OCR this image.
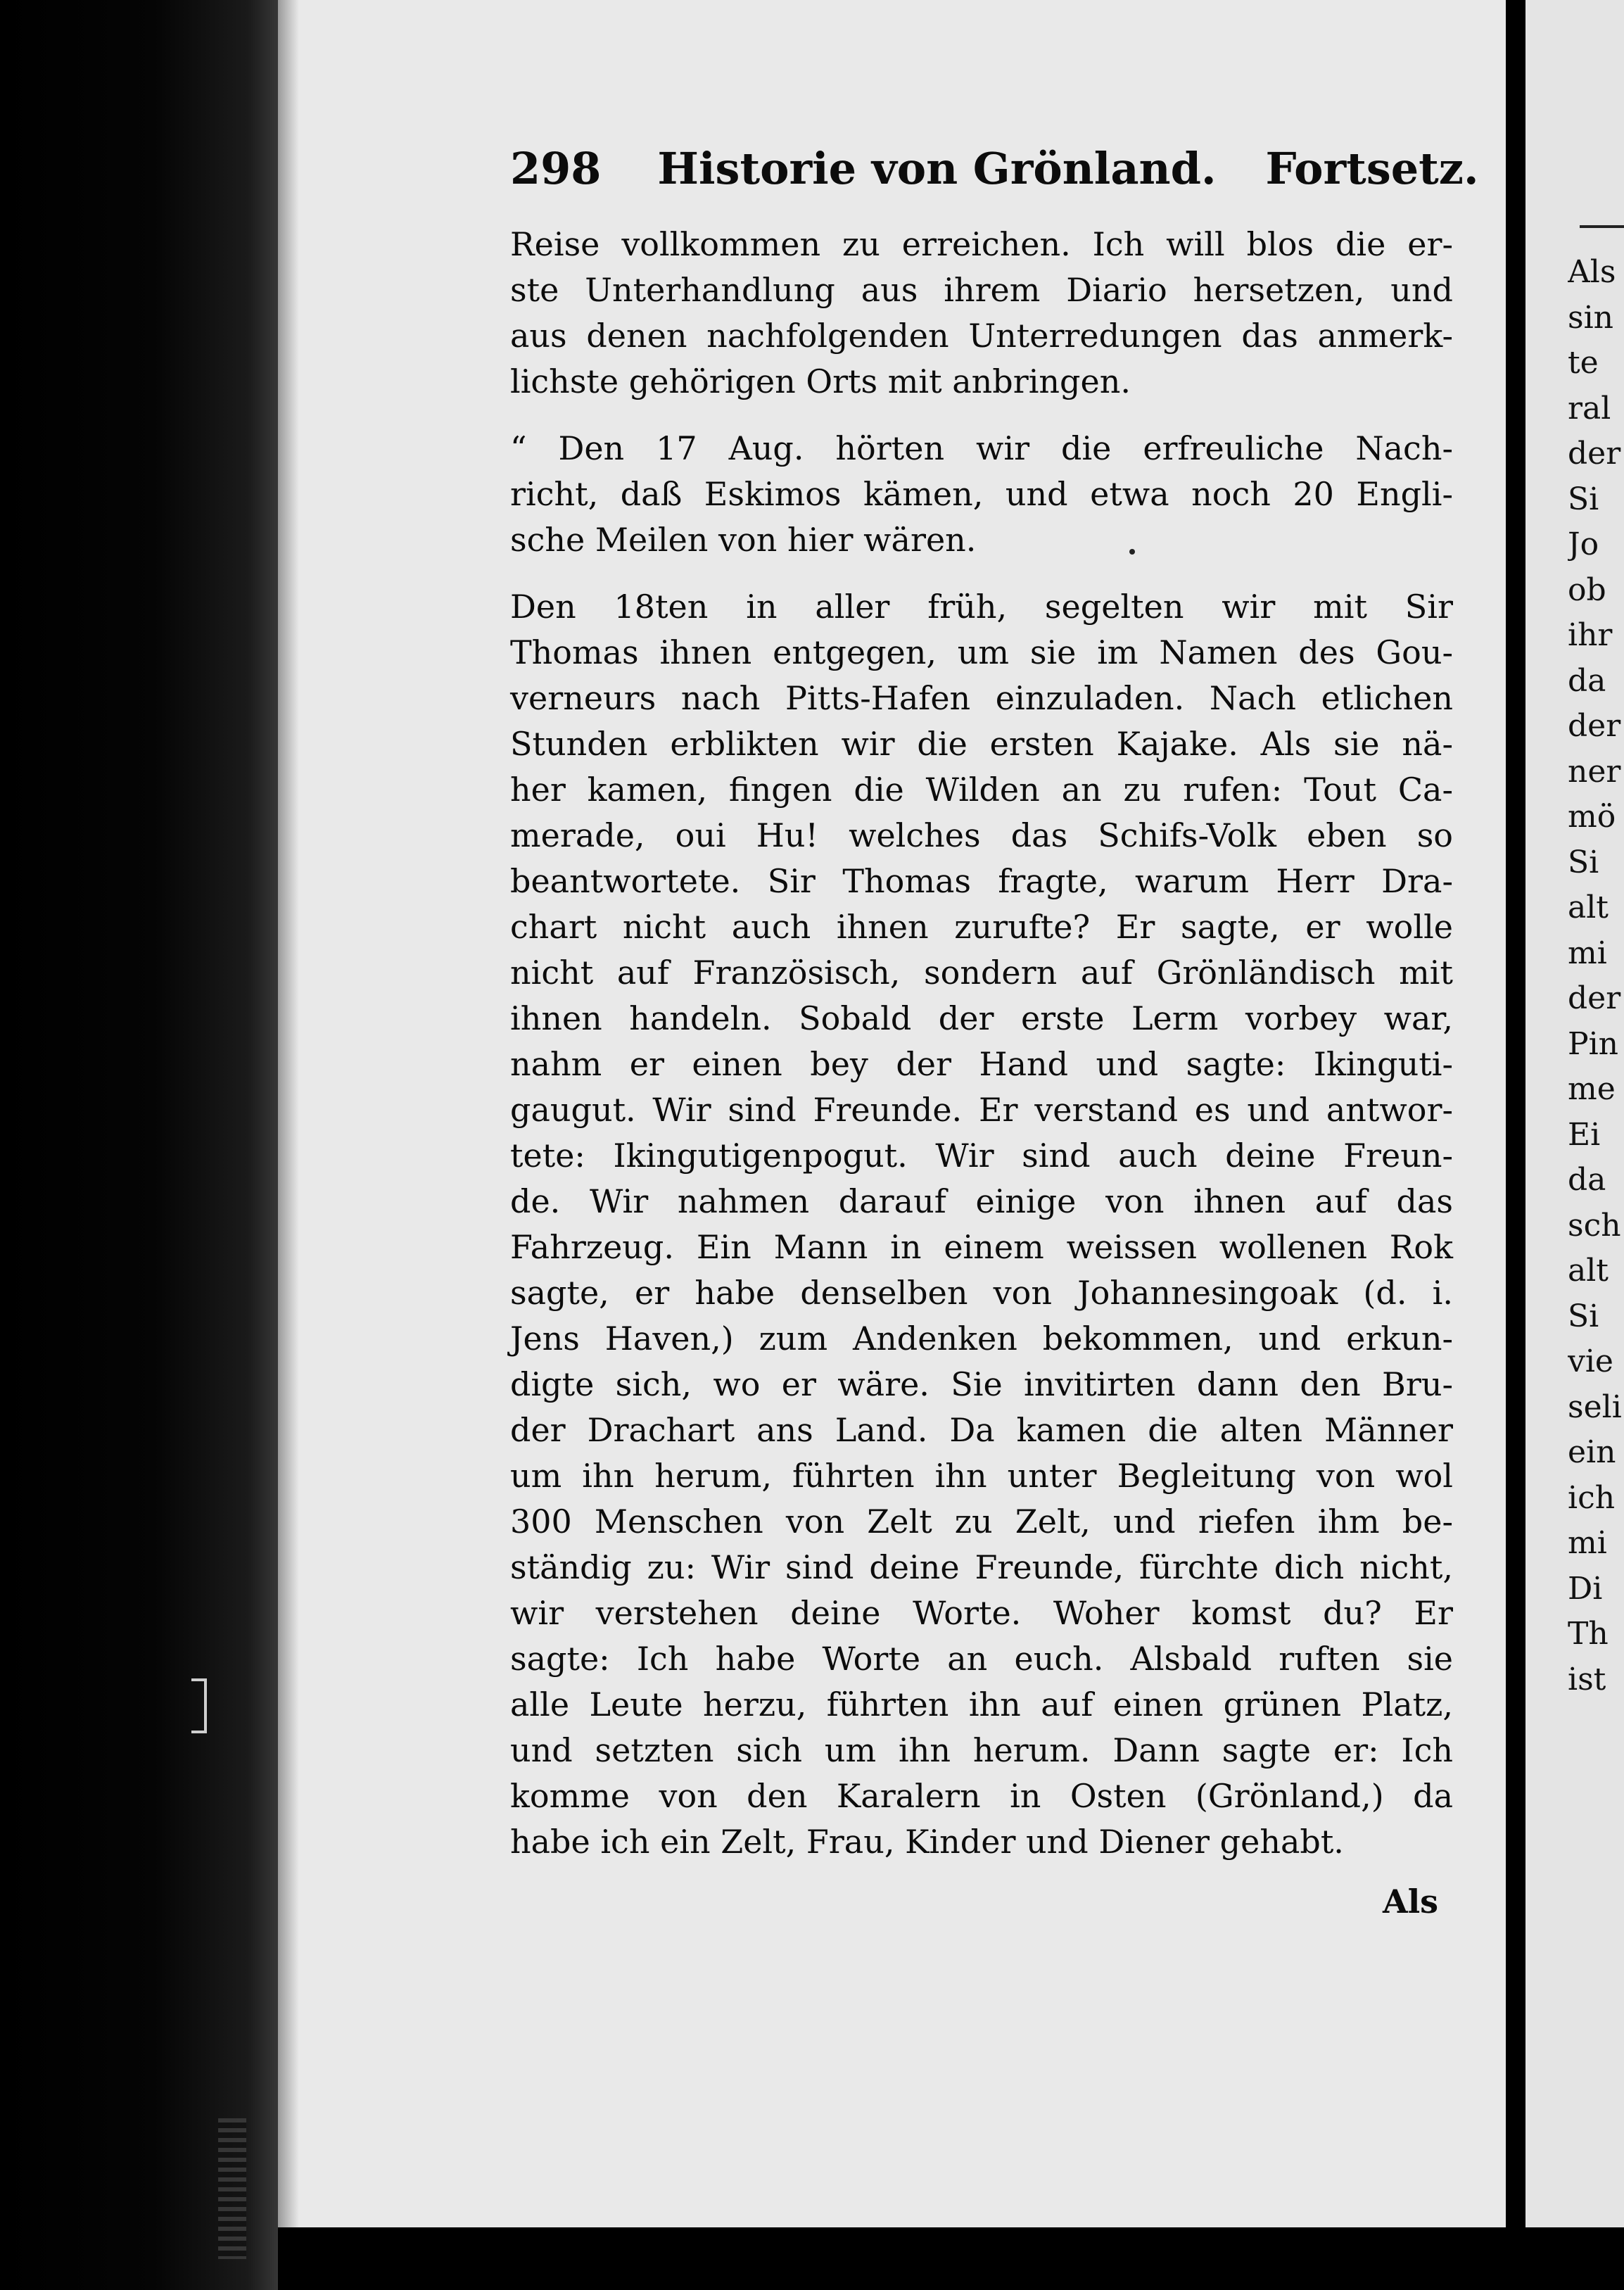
Als
sin
te
ral
der
Si
Jo
ob
ihr
da
der
ner
mö
Si
alt
mi
der
Pin
me
Ei
da
sch
alt
Si
vie
seli
ein
ich
mi
Di
Th
ist
298 Historie von Grönland. Fortsetz.
Reise vollkommen zu erreichen. Ich will blos die er-
ste Unterhandlung aus ihrem Diario hersetzen, und
aus denen nachfolgenden Unterredungen das anmerk-
lichste gehörigen Orts mit anbringen.
“ Den 17 Aug. hörten wir die erfreuliche Nach-
richt, daß Eskimos kämen, und etwa noch 20 Engli-
sche Meilen von hier wären.
Den 18ten in aller früh, segelten wir mit Sir
Thomas ihnen entgegen, um sie im Namen des Gou-
verneurs nach Pitts-Hafen einzuladen. Nach etlichen
Stunden erblikten wir die ersten Kajake. Als sie nä-
her kamen, fingen die Wilden an zu rufen: Tout Ca-
merade, oui Hu! welches das Schifs-Volk eben so
beantwortete. Sir Thomas fragte, warum Herr Dra-
chart nicht auch ihnen zurufte? Er sagte, er wolle
nicht auf Französisch, sondern auf Grönländisch mit
ihnen handeln. Sobald der erste Lerm vorbey war,
nahm er einen bey der Hand und sagte: Ikinguti-
gaugut. Wir sind Freunde. Er verstand es und antwor-
tete: Ikingutigenpogut. Wir sind auch deine Freun-
de. Wir nahmen darauf einige von ihnen auf das
Fahrzeug. Ein Mann in einem weissen wollenen Rok
sagte, er habe denselben von Johannesingoak (d. i.
Jens Haven,) zum Andenken bekommen, und erkun-
digte sich, wo er wäre. Sie invitirten dann den Bru-
der Drachart ans Land. Da kamen die alten Männer
um ihn herum, führten ihn unter Begleitung von wol
300 Menschen von Zelt zu Zelt, und riefen ihm be-
ständig zu: Wir sind deine Freunde, fürchte dich nicht,
wir verstehen deine Worte. Woher komst du? Er
sagte: Ich habe Worte an euch. Alsbald ruften sie
alle Leute herzu, führten ihn auf einen grünen Platz,
und setzten sich um ihn herum. Dann sagte er: Ich
komme von den Karalern in Osten (Grönland,) da
habe ich ein Zelt, Frau, Kinder und Diener gehabt.
Als
